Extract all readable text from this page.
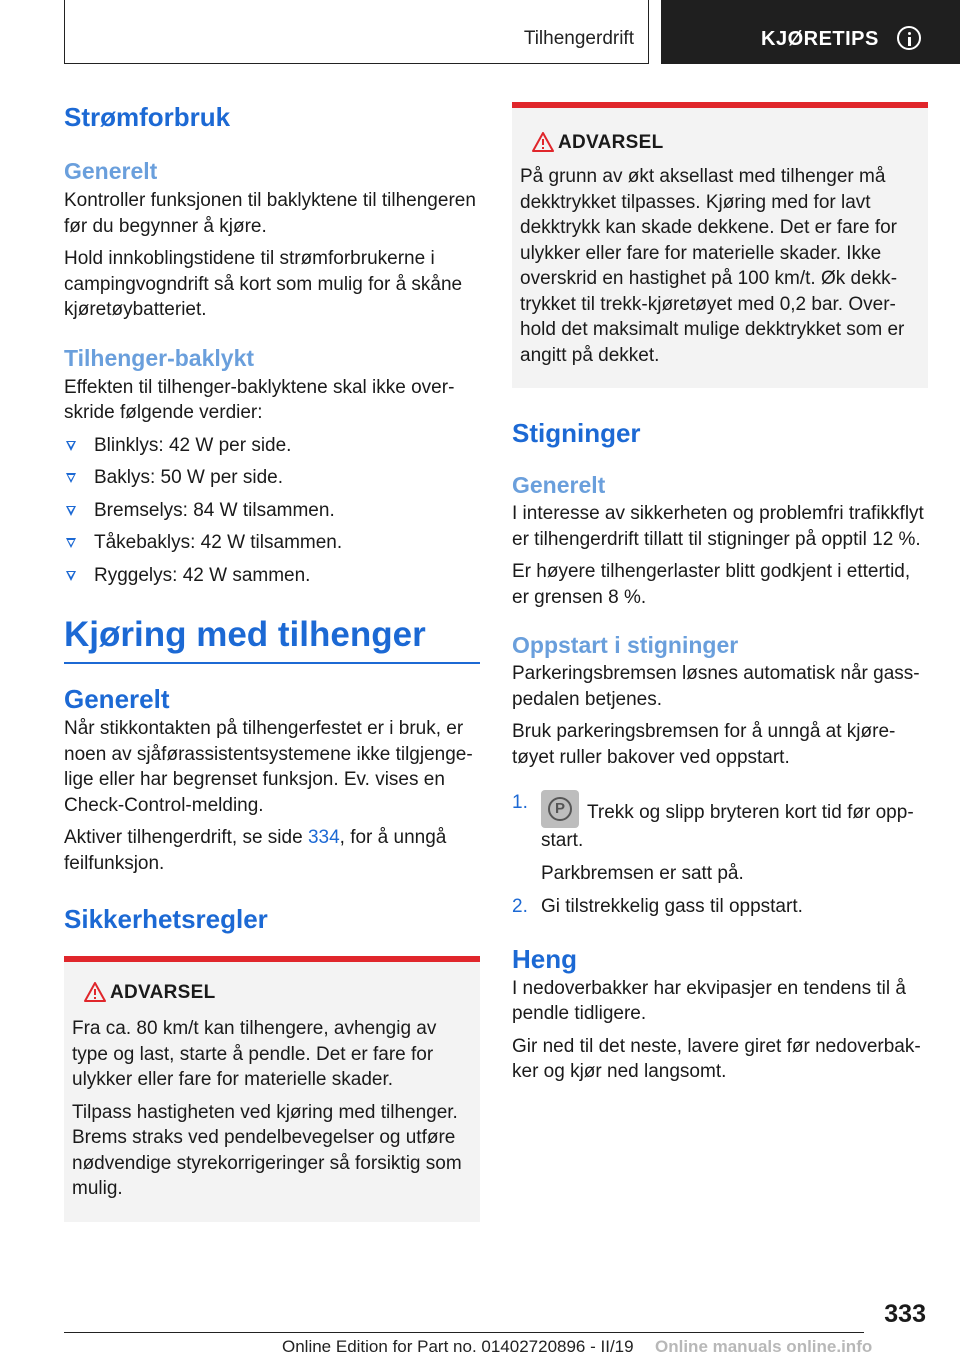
Tilhengerdrift	KJØRETIPS
Strømforbruk
Generelt

Kontroller funksjonen til baklyktene til tilhengeren før du begynner å kjøre.

Hold innkoblingstidene til strømforbrukerne i campingvogndrift så kort som mulig for å skåne kjøretøybatteriet.

Tilhenger-baklykt

Effekten til tilhenger-baklyktene skal ikke overskride følgende verdier:

Blinklys: 42 W per side.
Baklys: 50 W per side.
Bremselys: 84 W tilsammen.
Tåkebaklys: 42 W tilsammen.
Ryggelys: 42 W sammen.
Kjøring med tilhenger
Generelt

Når stikkontakten på tilhengerfestet er i bruk, er noen av sjåførassistentsystemene ikke tilgjengelige eller har begrenset funksjon. Ev. vises en Check-Control-melding.

Aktiver tilhengerdrift, se side 334, for å unngå feilfunksjon.

Sikkerhetsregler
ADVARSEL

Fra ca. 80 km/t kan tilhengere, avhengig av type og last, starte å pendle. Det er fare for ulykker eller fare for materielle skader.

Tilpass hastigheten ved kjøring med tilhenger. Brems straks ved pendelbevegelser og utføre nødvendige styrekorrigeringer så forsiktig som mulig.

ADVARSEL

På grunn av økt aksellast med tilhenger må dekktrykket tilpasses. Kjøring med for lavt dekktrykk kan skade dekkene. Det er fare for ulykker eller fare for materielle skader. Ikke overskrid en hastighet på 100 km/t. Øk dekktrykket til trekk-kjøretøyet med 0,2 bar. Overhold det maksimalt mulige dekktrykket som er angitt på dekket.

Stigninger
Generelt

I interesse av sikkerheten og problemfri trafikkflyt er tilhengerdrift tillatt til stigninger på opptil 12 %.

Er høyere tilhengerlaster blitt godkjent i ettertid, er grensen 8 %.

Oppstart i stigninger

Parkeringsbremsen løsnes automatisk når gasspedalen betjenes.

Bruk parkeringsbremsen for å unngå at kjøretøyet ruller bakover ved oppstart.

1.	P	Trekk og slipp bryteren kort tid før oppstart.
Parkbremsen er satt på.
2. Gi tilstrekkelig gass til oppstart.
Heng

I nedoverbakker har ekvipasjer en tendens til å pendle tidligere.

Gir ned til det neste, lavere giret før nedoverbakker og kjør ned langsomt.

333
Online Edition for Part no. 01402720896 - II/19 Online manuals online.info
